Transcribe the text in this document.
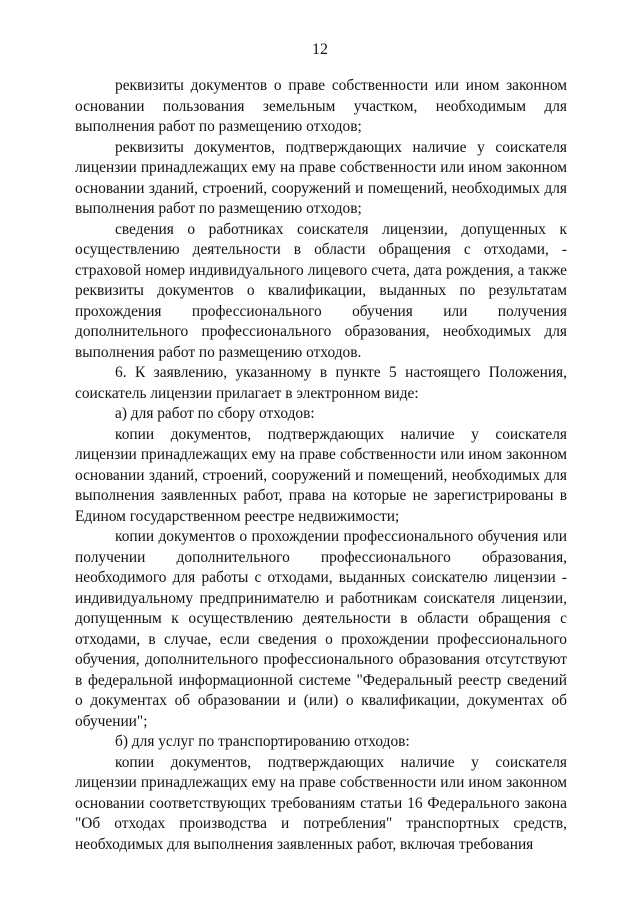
12

реквизиты документов о праве собственности или ином законном основании пользования земельным участком, необходимым для выполнения работ по размещению отходов;

реквизиты документов, подтверждающих наличие у соискателя лицензии принадлежащих ему на праве собственности или ином законном основании зданий, строений, сооружений и помещений, необходимых для выполнения работ по размещению отходов;

сведения о работниках соискателя лицензии, допущенных к осуществлению деятельности в области обращения с отходами, - страховой номер индивидуального лицевого счета, дата рождения, а также реквизиты документов о квалификации, выданных по результатам прохождения профессионального обучения или получения дополнительного профессионального образования, необходимых для выполнения работ по размещению отходов.

6. К заявлению, указанному в пункте 5 настоящего Положения, соискатель лицензии прилагает в электронном виде:

а) для работ по сбору отходов:

копии документов, подтверждающих наличие у соискателя лицензии принадлежащих ему на праве собственности или ином законном основании зданий, строений, сооружений и помещений, необходимых для выполнения заявленных работ, права на которые не зарегистрированы в Едином государственном реестре недвижимости;

копии документов о прохождении профессионального обучения или получении дополнительного профессионального образования, необходимого для работы с отходами, выданных соискателю лицензии - индивидуальному предпринимателю и работникам соискателя лицензии, допущенным к осуществлению деятельности в области обращения с отходами, в случае, если сведения о прохождении профессионального обучения, дополнительного профессионального образования отсутствуют в федеральной информационной системе "Федеральный реестр сведений о документах об образовании и (или) о квалификации, документах об обучении";

б) для услуг по транспортированию отходов:

копии документов, подтверждающих наличие у соискателя лицензии принадлежащих ему на праве собственности или ином законном основании соответствующих требованиям статьи 16 Федерального закона "Об отходах производства и потребления" транспортных средств, необходимых для выполнения заявленных работ, включая требования
